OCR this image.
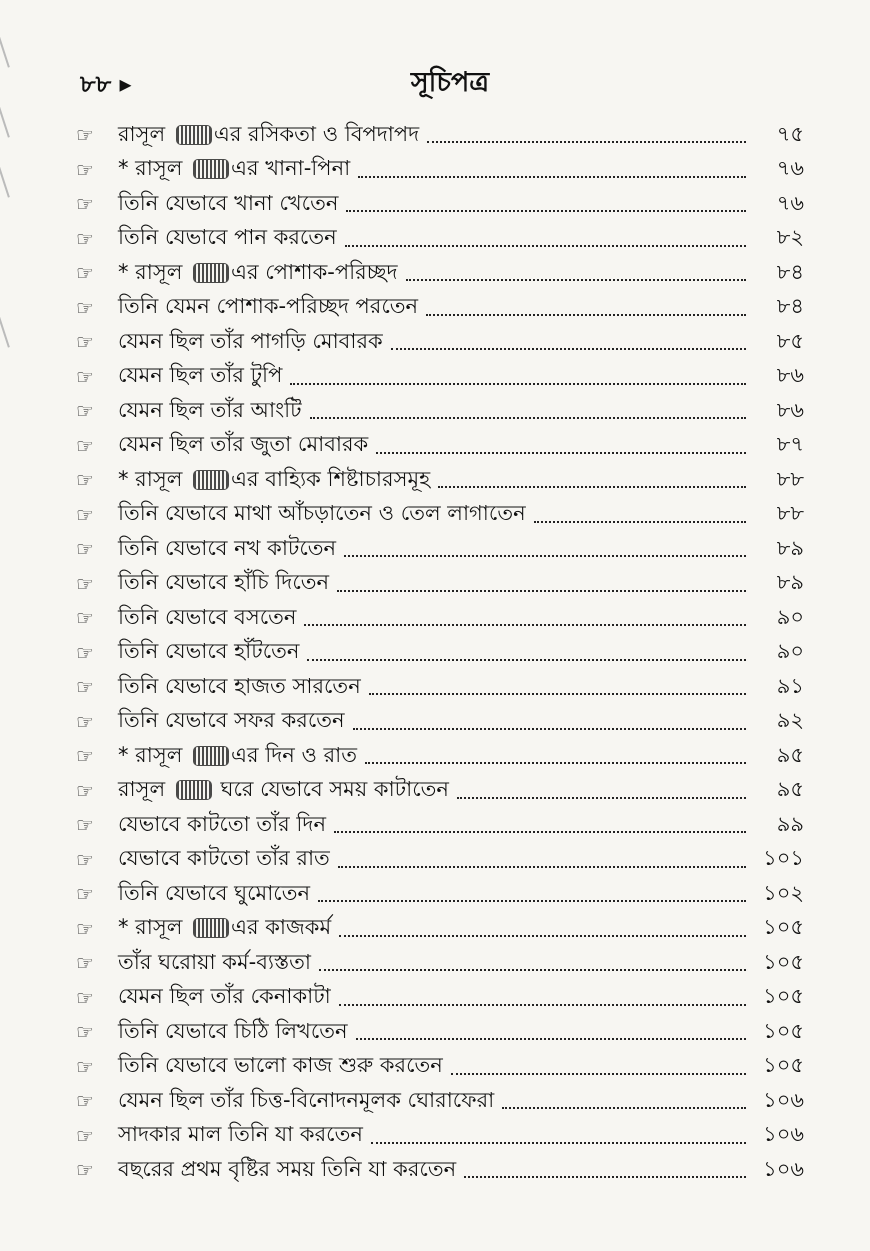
৮৮ ▸	সূচিপত্র
☞	রাসূল এর রসিকতা ও বিপদাপদ	৭৫
☞	* রাসূল এর খানা-পিনা	৭৬
☞	তিনি যেভাবে খানা খেতেন	৭৬
☞	তিনি যেভাবে পান করতেন	৮২
☞	* রাসূল এর পোশাক-পরিচ্ছদ	৮৪
☞	তিনি যেমন পোশাক-পরিচ্ছদ পরতেন	৮৪
☞	যেমন ছিল তাঁর পাগড়ি মোবারক	৮৫
☞	যেমন ছিল তাঁর টুপি	৮৬
☞	যেমন ছিল তাঁর আংটি	৮৬
☞	যেমন ছিল তাঁর জুতা মোবারক	৮৭
☞	* রাসূল এর বাহ্যিক শিষ্টাচারসমূহ	৮৮
☞	তিনি যেভাবে মাথা আঁচড়াতেন ও তেল লাগাতেন	৮৮
☞	তিনি যেভাবে নখ কাটতেন	৮৯
☞	তিনি যেভাবে হাঁচি দিতেন	৮৯
☞	তিনি যেভাবে বসতেন	৯০
☞	তিনি যেভাবে হাঁটতেন	৯০
☞	তিনি যেভাবে হাজত সারতেন	৯১
☞	তিনি যেভাবে সফর করতেন	৯২
☞	* রাসূল এর দিন ও রাত	৯৫
☞	রাসূল  ঘরে যেভাবে সময় কাটাতেন	৯৫
☞	যেভাবে কাটতো তাঁর দিন	৯৯
☞	যেভাবে কাটতো তাঁর রাত	১০১
☞	তিনি যেভাবে ঘুমোতেন	১০২
☞	* রাসূল এর কাজকর্ম	১০৫
☞	তাঁর ঘরোয়া কর্ম-ব্যস্ততা	১০৫
☞	যেমন ছিল তাঁর কেনাকাটা	১০৫
☞	তিনি যেভাবে চিঠি লিখতেন	১০৫
☞	তিনি যেভাবে ভালো কাজ শুরু করতেন	১০৫
☞	যেমন ছিল তাঁর চিত্ত-বিনোদনমূলক ঘোরাফেরা	১০৬
☞	সাদকার মাল তিনি যা করতেন	১০৬
☞	বছরের প্রথম বৃষ্টির সময় তিনি যা করতেন	১০৬
